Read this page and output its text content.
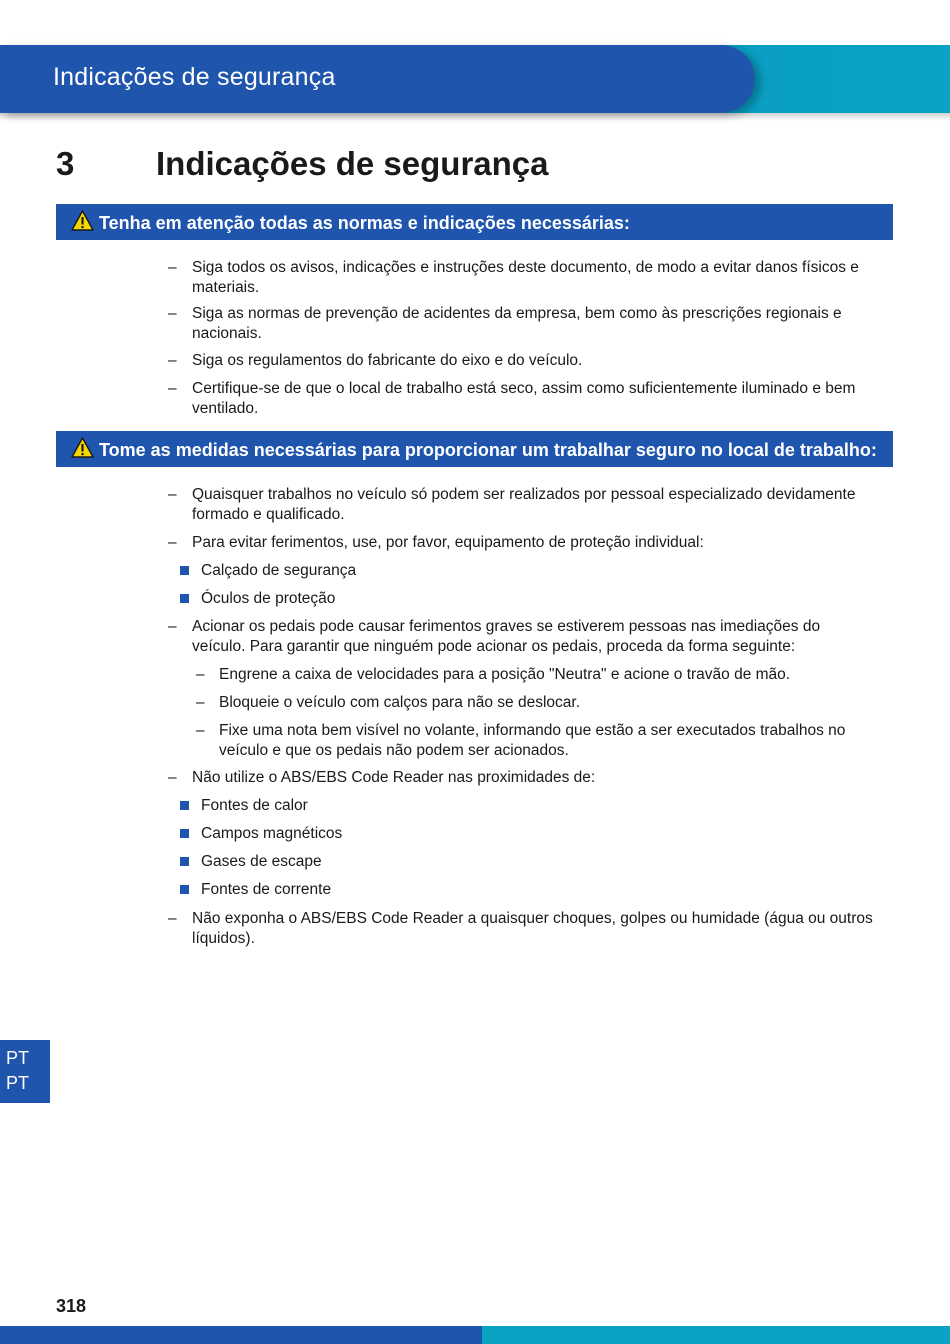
Indicações de segurança
3 Indicações de segurança
Tenha em atenção todas as normas e indicações necessárias:
– Siga todos os avisos, indicações e instruções deste documento, de modo a evitar danos físicos e
materiais.
– Siga as normas de prevenção de acidentes da empresa, bem como às prescrições regionais e
nacionais.
– Siga os regulamentos do fabricante do eixo e do veículo.
– Certifique-se de que o local de trabalho está seco, assim como suficientemente iluminado e bem
ventilado.
Tome as medidas necessárias para proporcionar um trabalhar seguro no local de trabalho:
– Quaisquer trabalhos no veículo só podem ser realizados por pessoal especializado devidamente
formado e qualificado.
– Para evitar ferimentos, use, por favor, equipamento de proteção individual:
Calçado de segurança
Óculos de proteção
– Acionar os pedais pode causar ferimentos graves se estiverem pessoas nas imediações do
veículo. Para garantir que ninguém pode acionar os pedais, proceda da forma seguinte:
– Engrene a caixa de velocidades para a posição "Neutra" e acione o travão de mão.
– Bloqueie o veículo com calços para não se deslocar.
– Fixe uma nota bem visível no volante, informando que estão a ser executados trabalhos no
veículo e que os pedais não podem ser acionados.
– Não utilize o ABS/EBS Code Reader nas proximidades de:
Fontes de calor
Campos magnéticos
Gases de escape
Fontes de corrente
– Não exponha o ABS/EBS Code Reader a quaisquer choques, golpes ou humidade (água ou outros
líquidos).
PT
PT
318
